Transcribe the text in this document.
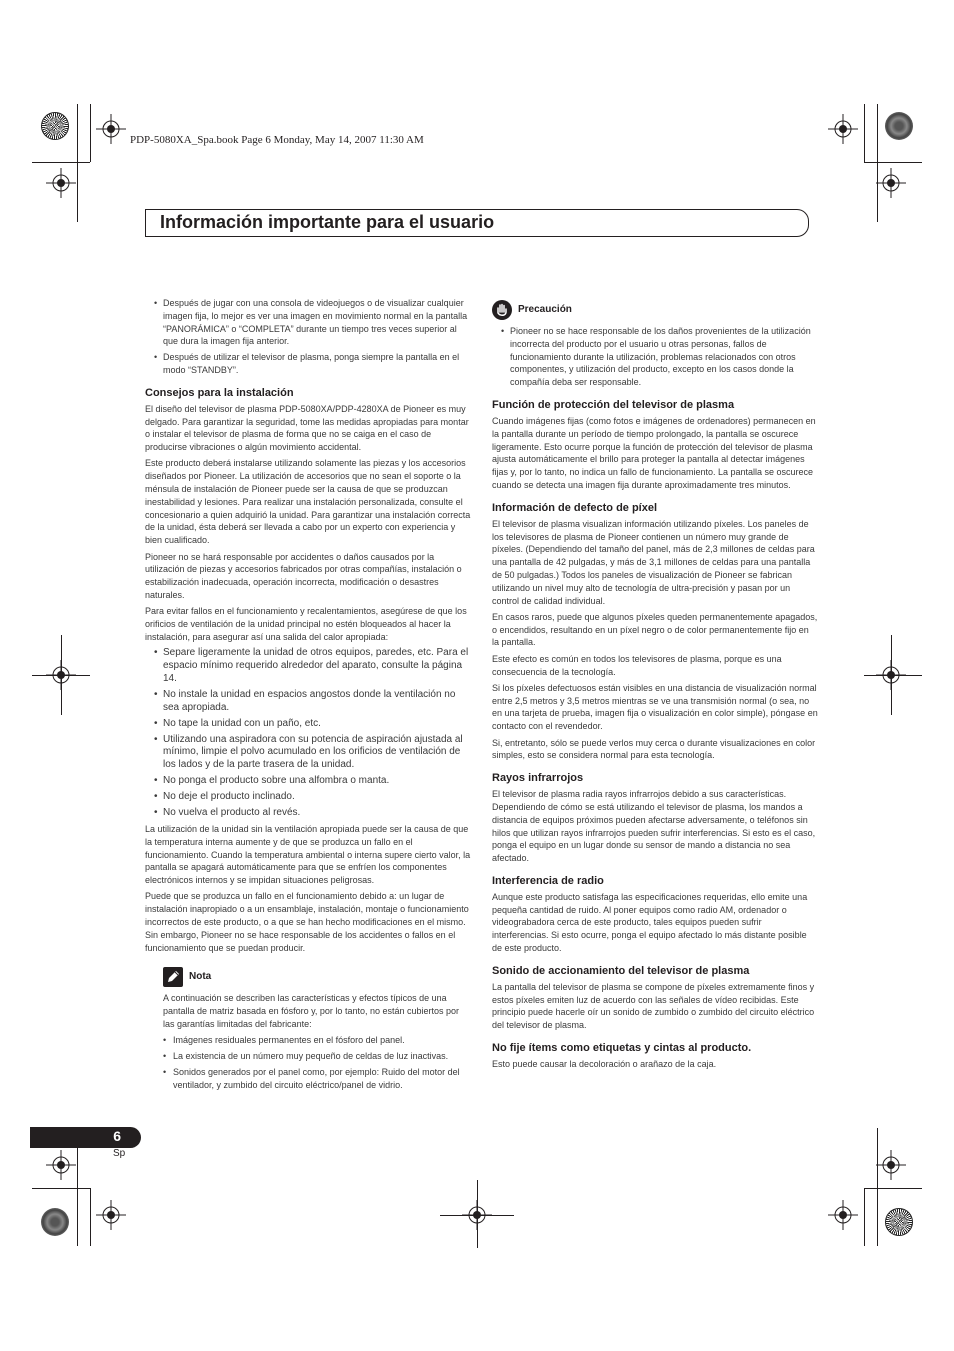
PDP-5080XA_Spa.book Page 6 Monday, May 14, 2007 11:30 AM
Información importante para el usuario
• Después de jugar con una consola de videojuegos o de visualizar cualquier imagen fija, lo mejor es ver una imagen en movimiento normal en la pantalla “PANORÁMICA” o “COMPLETA” durante un tiempo tres veces superior al que dura la imagen fija anterior.
• Después de utilizar el televisor de plasma, ponga siempre la pantalla en el modo “STANDBY”.
Consejos para la instalación

El diseño del televisor de plasma PDP-5080XA/PDP-4280XA de Pioneer es muy delgado. Para garantizar la seguridad, tome las medidas apropiadas para montar o instalar el televisor de plasma de forma que no se caiga en el caso de producirse vibraciones o algún movimiento accidental.

Este producto deberá instalarse utilizando solamente las piezas y los accesorios diseñados por Pioneer. La utilización de accesorios que no sean el soporte o la ménsula de instalación de Pioneer puede ser la causa de que se produzcan inestabilidad y lesiones. Para realizar una instalación personalizada, consulte el concesionario a quien adquirió la unidad. Para garantizar una instalación correcta de la unidad, ésta deberá ser llevada a cabo por un experto con experiencia y bien cualificado.

Pioneer no se hará responsable por accidentes o daños causados por la utilización de piezas y accesorios fabricados por otras compañías, instalación o estabilización inadecuada, operación incorrecta, modificación o desastres naturales.

Para evitar fallos en el funcionamiento y recalentamientos, asegúrese de que los orificios de ventilación de la unidad principal no estén bloqueados al hacer la instalación, para asegurar así una salida del calor apropiada:

• Separe ligeramente la unidad de otros equipos, paredes, etc. Para el espacio mínimo requerido alrededor del aparato, consulte la página 14.
• No instale la unidad en espacios angostos donde la ventilación no sea apropiada.
• No tape la unidad con un paño, etc.
• Utilizando una aspiradora con su potencia de aspiración ajustada al mínimo, limpie el polvo acumulado en los orificios de ventilación de los lados y de la parte trasera de la unidad.
• No ponga el producto sobre una alfombra o manta.
• No deje el producto inclinado.
• No vuelva el producto al revés.

La utilización de la unidad sin la ventilación apropiada puede ser la causa de que la temperatura interna aumente y de que se produzca un fallo en el funcionamiento. Cuando la temperatura ambiental o interna supere cierto valor, la pantalla se apagará automáticamente para que se enfríen los componentes electrónicos internos y se impidan situaciones peligrosas.

Puede que se produzca un fallo en el funcionamiento debido a: un lugar de instalación inapropiado o a un ensamblaje, instalación, montaje o funcionamiento incorrectos de este producto, o a que se han hecho modificaciones en el mismo. Sin embargo, Pioneer no se hace responsable de los accidentes o fallos en el funcionamiento que se puedan producir.

Nota

A continuación se describen las características y efectos típicos de una pantalla de matriz basada en fósforo y, por lo tanto, no están cubiertos por las garantías limitadas del fabricante:

• Imágenes residuales permanentes en el fósforo del panel.
• La existencia de un número muy pequeño de celdas de luz inactivas.
• Sonidos generados por el panel como, por ejemplo: Ruido del motor del ventilador, y zumbido del circuito eléctrico/panel de vidrio.
Precaución
• Pioneer no se hace responsable de los daños provenientes de la utilización incorrecta del producto por el usuario u otras personas, fallos de funcionamiento durante la utilización, problemas relacionados con otros componentes, y utilización del producto, excepto en los casos donde la compañía deba ser responsable.
Función de protección del televisor de plasma

Cuando imágenes fijas (como fotos e imágenes de ordenadores) permanecen en la pantalla durante un período de tiempo prolongado, la pantalla se oscurece ligeramente. Esto ocurre porque la función de protección del televisor de plasma ajusta automáticamente el brillo para proteger la pantalla al detectar imágenes fijas y, por lo tanto, no indica un fallo de funcionamiento. La pantalla se oscurece cuando se detecta una imagen fija durante aproximadamente tres minutos.

Información de defecto de píxel

El televisor de plasma visualizan información utilizando píxeles. Los paneles de los televisores de plasma de Pioneer contienen un número muy grande de píxeles. (Dependiendo del tamaño del panel, más de 2,3 millones de celdas para una pantalla de 42 pulgadas, y más de 3,1 millones de celdas para una pantalla de 50 pulgadas.) Todos los paneles de visualización de Pioneer se fabrican utilizando un nivel muy alto de tecnología de ultra-precisión y pasan por un control de calidad individual.

En casos raros, puede que algunos píxeles queden permanentemente apagados, o encendidos, resultando en un píxel negro o de color permanentemente fijo en la pantalla.

Este efecto es común en todos los televisores de plasma, porque es una consecuencia de la tecnología.

Si los píxeles defectuosos están visibles en una distancia de visualización normal entre 2,5 metros y 3,5 metros mientras se ve una transmisión normal (o sea, no en una tarjeta de prueba, imagen fija o visualización en color simple), póngase en contacto con el revendedor.

Si, entretanto, sólo se puede verlos muy cerca o durante visualizaciones en color simples, esto se considera normal para esta tecnología.

Rayos infrarrojos

El televisor de plasma radia rayos infrarrojos debido a sus características. Dependiendo de cómo se está utilizando el televisor de plasma, los mandos a distancia de equipos próximos pueden afectarse adversamente, o teléfonos sin hilos que utilizan rayos infrarrojos pueden sufrir interferencias. Si esto es el caso, ponga el equipo en un lugar donde su sensor de mando a distancia no sea afectado.

Interferencia de radio

Aunque este producto satisfaga las especificaciones requeridas, ello emite una pequeña cantidad de ruido. Al poner equipos como radio AM, ordenador o videograbadora cerca de este producto, tales equipos pueden sufrir interferencias. Si esto ocurre, ponga el equipo afectado lo más distante posible de este producto.

Sonido de accionamiento del televisor de plasma

La pantalla del televisor de plasma se compone de píxeles extremamente finos y estos píxeles emiten luz de acuerdo con las señales de vídeo recibidas. Este principio puede hacerle oír un sonido de zumbido o zumbido del circuito eléctrico del televisor de plasma.

No fije ítems como etiquetas y cintas al producto.

Esto puede causar la decoloración o arañazo de la caja.

6
Sp
